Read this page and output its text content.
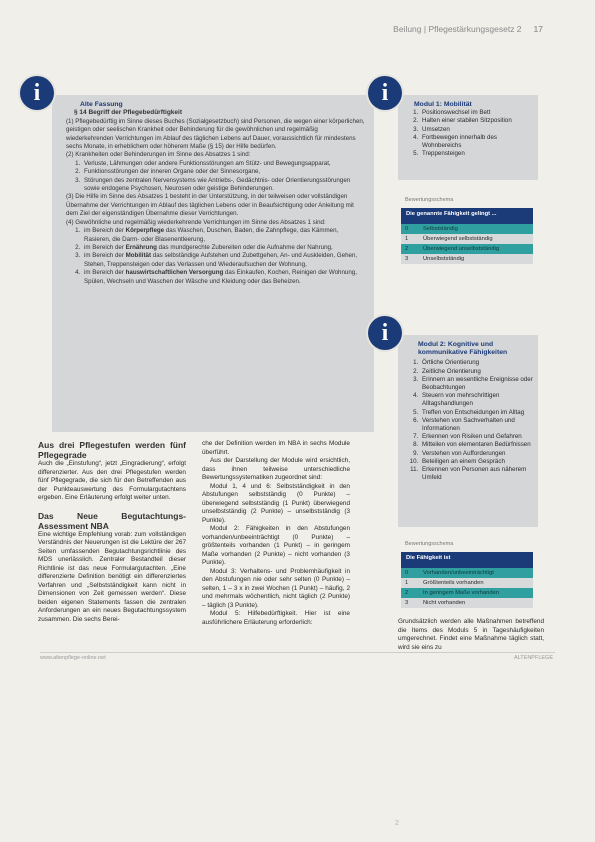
Beilung | Pflegestärkungsgesetz 2 17
Alte Fassung
§ 14 Begriff der Pflegebedürftigkeit

(1) Pflegebedürftig im Sinne dieses Buches (Sozialgesetzbuch) sind Personen, die wegen einer körperlichen, geistigen oder seelischen Krankheit oder Behinderung für die gewöhnlichen und regelmäßig wiederkehrenden Verrichtungen im Ablauf des täglichen Lebens auf Dauer, voraussichtlich für mindestens sechs Monate, in erheblichem oder höherem Maße (§ 15) der Hilfe bedürfen.

(2) Krankheiten oder Behinderungen im Sinne des Absatzes 1 sind:

1. Verluste, Lähmungen oder andere Funktionsstörungen am Stütz- und Bewegungsapparat,
2. Funktionsstörungen der inneren Organe oder der Sinnesorgane,
3. Störungen des zentralen Nervensystems wie Antriebs-, Gedächtnis- oder Orientierungsstörungen sowie endogene Psychosen, Neurosen oder geistige Behinderungen.

(3) Die Hilfe im Sinne des Absatzes 1 besteht in der Unterstützung, in der teilweisen oder vollständigen Übernahme der Verrichtungen im Ablauf des täglichen Lebens oder in Beaufsichtigung oder Anleitung mit dem Ziel der eigenständigen Übernahme dieser Verrichtungen.

(4) Gewöhnliche und regelmäßig wiederkehrende Verrichtungen im Sinne des Absatzes 1 sind:

1. im Bereich der Körperpflege das Waschen, Duschen, Baden, die Zahnpflege, das Kämmen, Rasieren, die Darm- oder Blasenentleerung,
2. im Bereich der Ernährung das mundgerechte Zubereiten oder die Aufnahme der Nahrung,
3. im Bereich der Mobilität das selbständige Aufstehen und Zubettgehen, An- und Auskleiden, Gehen, Stehen, Treppensteigen oder das Verlassen und Wiederaufsuchen der Wohnung,
4. im Bereich der hauswirtschaftlichen Versorgung das Einkaufen, Kochen, Reinigen der Wohnung, Spülen, Wechseln und Waschen der Wäsche und Kleidung oder das Beheizen.
i	Modul 1: Mobilität
1. Positionswechsel im Bett
2. Halten einer stabilen Sitzposition
3. Umsetzen
4. Fortbewegen innerhalb des Wohnbereichs
5. Treppensteigen
i
Bewertungsschema
Die genannte Fähigkeit gelingt ...
0	Selbstständig
1	Überwiegend selbstständig
2	Überwiegend unselbstständig
3	Unselbstständig
Modul 2: Kognitive und kommunikative Fähigkeiten
1. Örtliche Orientierung
2. Zeitliche Orientierung
3. Erinnern an wesentliche Ereignisse oder Beobachtungen
4. Steuern von mehrschrittigen Alltagshandlungen
5. Treffen von Entscheidungen im Alltag
6. Verstehen von Sachverhalten und Informationen
7. Erkennen von Risiken und Gefahren
8. Mitteilen von elementaren Bedürfnissen
9. Verstehen von Aufforderungen
10. Beteiligen an einem Gespräch
11. Erkennen von Personen aus näherem Umfeld
i
Bewertungsschema
Die Fähigkeit ist
0	Vorhanden/unbeeinträchtigt
1	Größtenteils vorhanden
2	In geringem Maße vorhanden
3	Nicht vorhanden
Aus drei Pflegestufen werden fünf Pflegegrade

Auch die „Einstufung“, jetzt „Eingradierung“, erfolgt differenzierter. Aus den drei Pflegestufen werden fünf Pflegegrade, die sich für den Betreffenden aus der Punkteauswertung des Formulargutachtens ergeben. Eine Erläuterung erfolgt weiter unten.

Das Neue Begutachtungs-Assessment NBA

Eine wichtige Empfehlung vorab: zum vollständigen Verständnis der Neuerungen ist die Lektüre der 267 Seiten umfassenden Begutachtungsrichtlinie des MDS unerlässlich. Zentraler Bestandteil dieser Richtlinie ist das neue Formulargutachten. „Eine differenzierte Definition benötigt ein differenziertes Verfahren und „Selbstständigkeit kann nicht in Dimensionen von Zeit gemessen werden“. Diese beiden eigenen Statements fassen die zentralen Anforderungen an ein neues Begutachtungssystem zusammen. Die sechs Berei-

che der Definition werden im NBA in sechs Module überführt.

Aus der Darstellung der Module wird ersichtlich, dass ihnen teilweise unterschiedliche Bewertungssystematiken zugeordnet sind:

Modul 1, 4 und 6: Selbstständigkeit in den Abstufungen selbstständig (0 Punkte) – überwiegend selbstständig (1 Punkt) überwiegend unselbstständig (2 Punkte) – unselbstständig (3 Punkte).

Modul 2: Fähigkeiten in den Abstufungen vorhanden/unbeeinträchtigt (0 Punkte) – größtenteils vorhanden (1 Punkt) – in geringem Maße vorhanden (2 Punkte) – nicht vorhanden (3 Punkte).

Modul 3: Verhaltens- und Problemhäufigkeit in den Abstufungen nie oder sehr selten (0 Punkte) – selten, 1 – 3 x in zwei Wochen (1 Punkt) – häufig, 2 und mehrmals wöchentlich, nicht täglich (2 Punkte) – täglich (3 Punkte).

Modul 5: Hilfebedürftigkeit. Hier ist eine ausführlichere Erläuterung erforderlich:	Grundsätzlich werden alle Maßnahmen betreffend die Items des Moduls 5 in Tageshäufigkeiten umgerechnet. Findet eine Maßnahme täglich statt, wird sie eins zu

www.altenpflege-online.net	ALTENPFLEGE
2
